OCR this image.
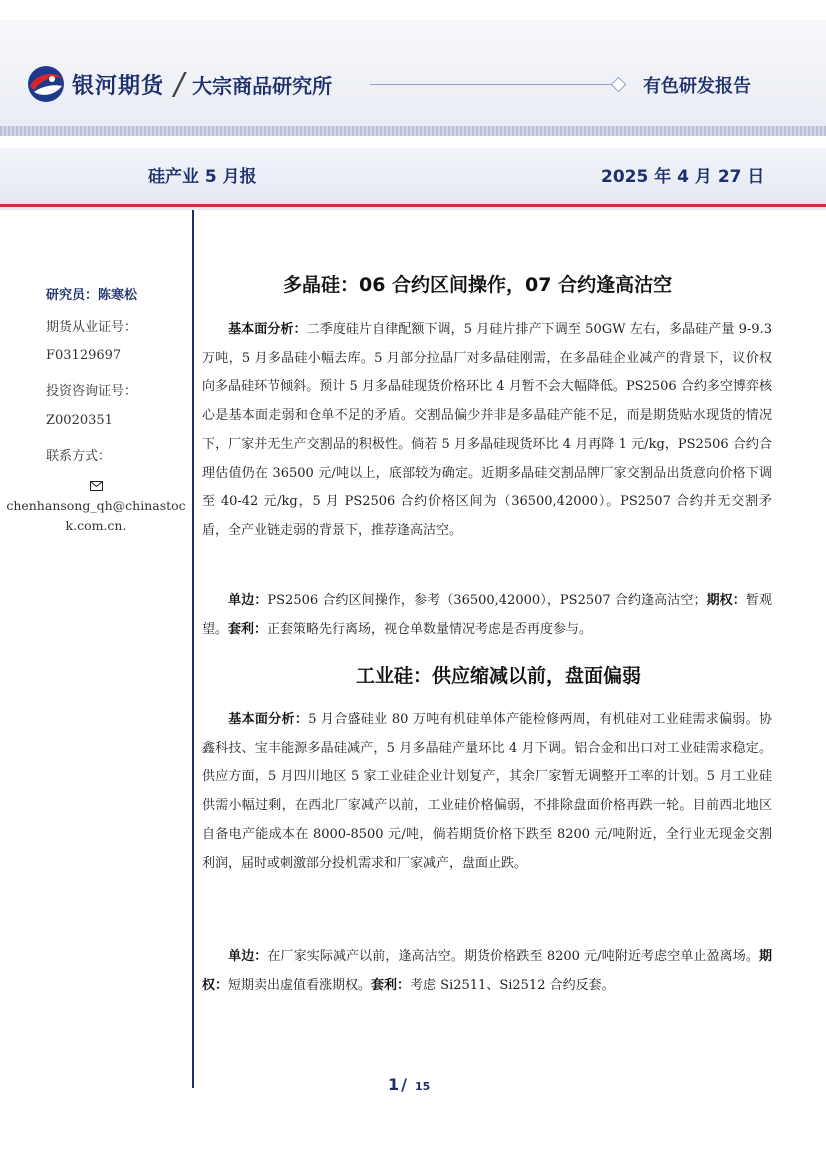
银河期货 / 大宗商品研究所	有色研发报告
硅产业 5 月报	2025 年 4 月 27 日
研究员：陈寒松
期货从业证号：
F03129697
投资咨询证号：
Z0020351
联系方式：
chenhansong_qh@chinastoc
k.com.cn.
多晶硅：06 合约区间操作，07 合约逢高沽空
基本面分析：二季度硅片自律配额下调，5 月硅片排产下调至 50GW 左右，多晶硅产量 9-9.3 万吨，5 月多晶硅小幅去库。5 月部分拉晶厂对多晶硅刚需，在多晶硅企业减产的背景下，议价权向多晶硅环节倾斜。预计 5 月多晶硅现货价格环比 4 月暂不会大幅降低。PS2506 合约多空博弈核心是基本面走弱和仓单不足的矛盾。交割品偏少并非是多晶硅产能不足，而是期货贴水现货的情况下，厂家并无生产交割品的积极性。倘若 5 月多晶硅现货环比 4 月再降 1 元/kg，PS2506 合约合理估值仍在 36500 元/吨以上，底部较为确定。近期多晶硅交割品牌厂家交割品出货意向价格下调至 40-42 元/kg，5 月 PS2506 合约价格区间为（36500,42000）。PS2507 合约并无交割矛盾，全产业链走弱的背景下，推荐逢高沽空。
单边：PS2506 合约区间操作，参考（36500,42000），PS2507 合约逢高沽空；期权：暂观望。套利：正套策略先行离场，视仓单数量情况考虑是否再度参与。
工业硅：供应缩减以前，盘面偏弱
基本面分析：5 月合盛硅业 80 万吨有机硅单体产能检修两周，有机硅对工业硅需求偏弱。协鑫科技、宝丰能源多晶硅减产，5 月多晶硅产量环比 4 月下调。铝合金和出口对工业硅需求稳定。供应方面，5 月四川地区 5 家工业硅企业计划复产，其余厂家暂无调整开工率的计划。5 月工业硅供需小幅过剩，在西北厂家减产以前，工业硅价格偏弱，不排除盘面价格再跌一轮。目前西北地区自备电产能成本在 8000-8500 元/吨，倘若期货价格下跌至 8200 元/吨附近，全行业无现金交割利润，届时或刺激部分投机需求和厂家减产，盘面止跌。
单边：在厂家实际减产以前，逢高沽空。期货价格跌至 8200 元/吨附近考虑空单止盈离场。期权：短期卖出虚值看涨期权。套利：考虑 Si2511、Si2512 合约反套。
1 / 15
